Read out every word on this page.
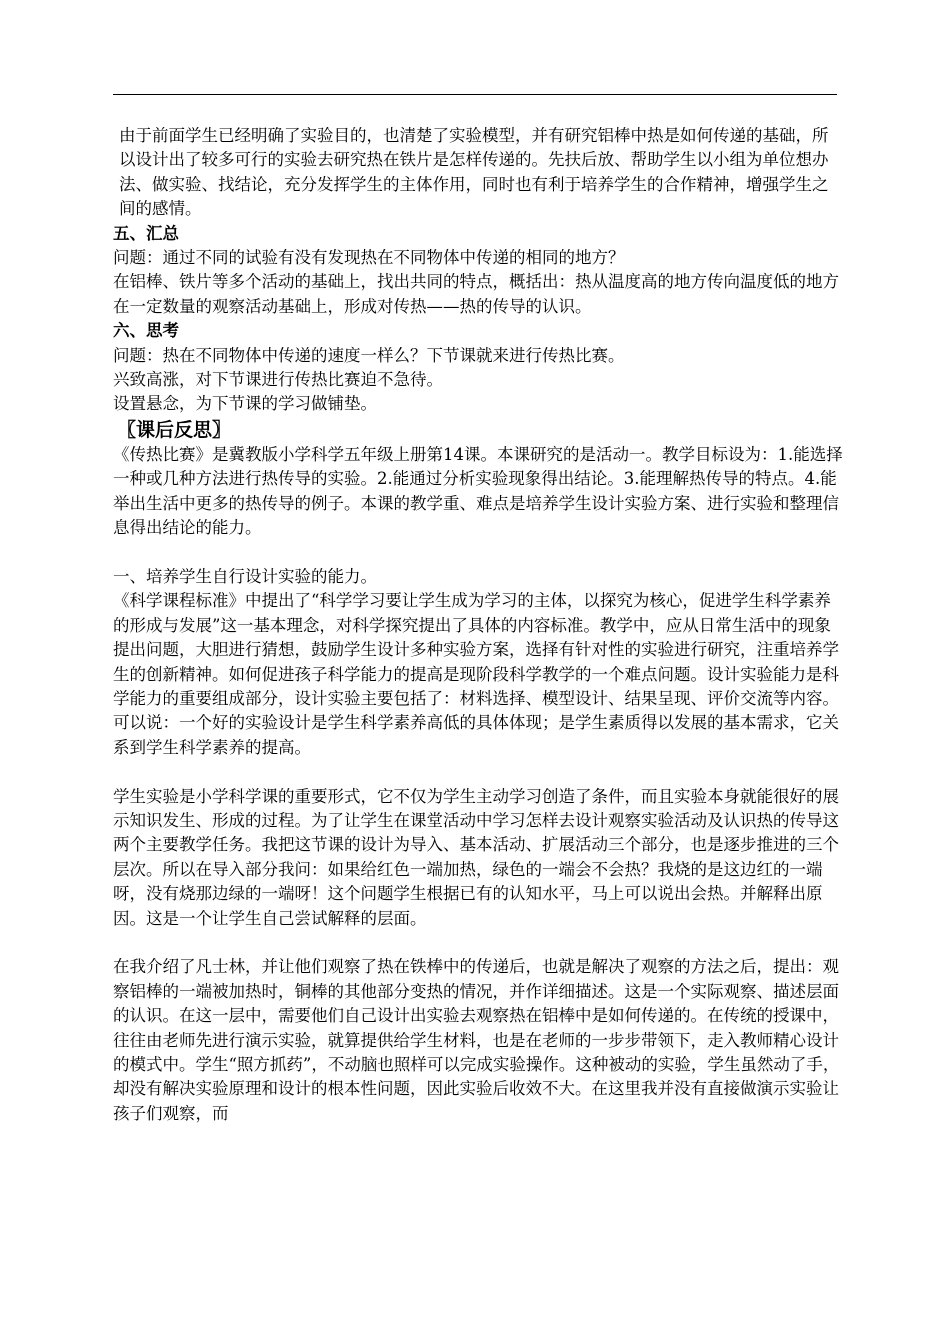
由于前面学生已经明确了实验目的，也清楚了实验模型，并有研究铝棒中热是如何传递的基础，所以设计出了较多可行的实验去研究热在铁片是怎样传递的。先扶后放、帮助学生以小组为单位想办法、做实验、找结论，充分发挥学生的主体作用，同时也有利于培养学生的合作精神，增强学生之间的感情。

五、汇总

问题：通过不同的试验有没有发现热在不同物体中传递的相同的地方？

在铝棒、铁片等多个活动的基础上，找出共同的特点，概括出：热从温度高的地方传向温度低的地方

在一定数量的观察活动基础上，形成对传热——热的传导的认识。

六、思考

问题：热在不同物体中传递的速度一样么？下节课就来进行传热比赛。

兴致高涨，对下节课进行传热比赛迫不急待。

设置悬念，为下节课的学习做铺垫。

〖课后反思〗

《传热比赛》是冀教版小学科学五年级上册第14课。本课研究的是活动一。教学目标设为：1.能选择一种或几种方法进行热传导的实验。2.能通过分析实验现象得出结论。3.能理解热传导的特点。4.能举出生活中更多的热传导的例子。本课的教学重、难点是培养学生设计实验方案、进行实验和整理信息得出结论的能力。

一、培养学生自行设计实验的能力。

《科学课程标准》中提出了“科学学习要让学生成为学习的主体，以探究为核心，促进学生科学素养的形成与发展”这一基本理念，对科学探究提出了具体的内容标准。教学中，应从日常生活中的现象提出问题，大胆进行猜想，鼓励学生设计多种实验方案，选择有针对性的实验进行研究，注重培养学生的创新精神。如何促进孩子科学能力的提高是现阶段科学教学的一个难点问题。设计实验能力是科学能力的重要组成部分，设计实验主要包括了：材料选择、模型设计、结果呈现、评价交流等内容。可以说：一个好的实验设计是学生科学素养高低的具体体现；是学生素质得以发展的基本需求，它关系到学生科学素养的提高。

学生实验是小学科学课的重要形式，它不仅为学生主动学习创造了条件，而且实验本身就能很好的展示知识发生、形成的过程。为了让学生在课堂活动中学习怎样去设计观察实验活动及认识热的传导这两个主要教学任务。我把这节课的设计为导入、基本活动、扩展活动三个部分，也是逐步推进的三个层次。所以在导入部分我问：如果给红色一端加热，绿色的一端会不会热？我烧的是这边红的一端呀，没有烧那边绿的一端呀！这个问题学生根据已有的认知水平，马上可以说出会热。并解释出原因。这是一个让学生自己尝试解释的层面。

在我介绍了凡士林，并让他们观察了热在铁棒中的传递后，也就是解决了观察的方法之后，提出：观察铝棒的一端被加热时，铜棒的其他部分变热的情况，并作详细描述。这是一个实际观察、描述层面的认识。在这一层中，需要他们自己设计出实验去观察热在铝棒中是如何传递的。在传统的授课中，往往由老师先进行演示实验，就算提供给学生材料，也是在老师的一步步带领下，走入教师精心设计的模式中。学生“照方抓药”，不动脑也照样可以完成实验操作。这种被动的实验，学生虽然动了手，却没有解决实验原理和设计的根本性问题，因此实验后收效不大。在这里我并没有直接做演示实验让孩子们观察，而
